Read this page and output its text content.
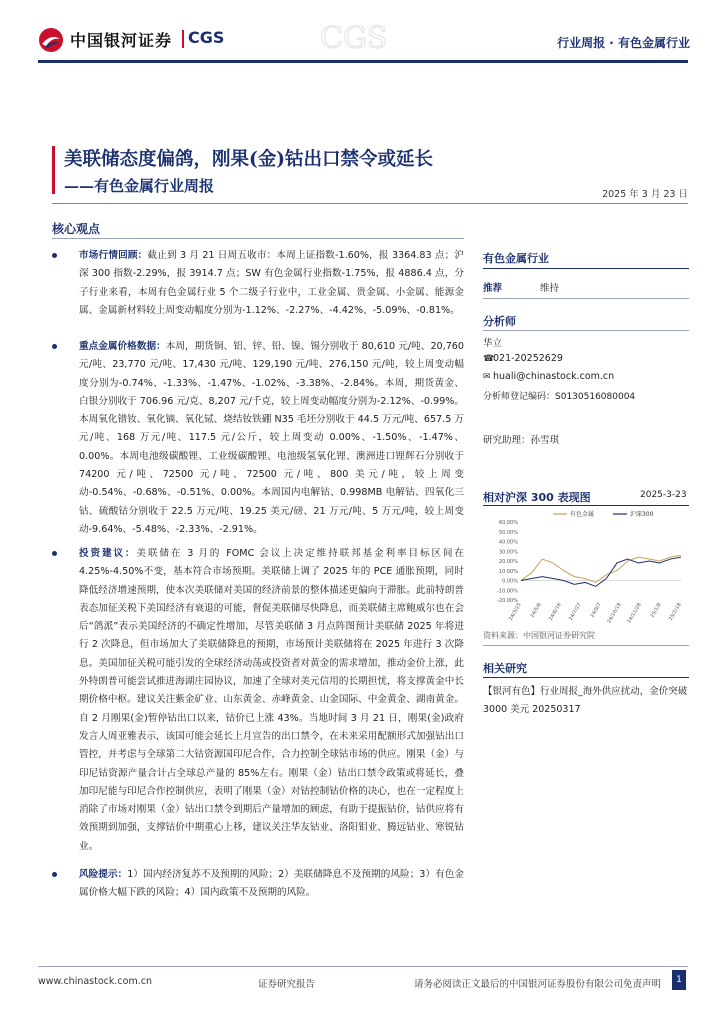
中国银河证券 CGS	CGS	行业周报 · 有色金属行业
美联储态度偏鸽，刚果(金)钴出口禁令或延长
——有色金属行业周报	2025 年 3 月 23 日
核心观点
市场行情回顾：截止到 3 月 21 日周五收市：本周上证指数-1.60%，报 3364.83 点；沪深 300 指数-2.29%，报 3914.7 点；SW 有色金属行业指数-1.75%，报 4886.4 点，分子行业来看，本周有色金属行业 5 个二级子行业中，工业金属、贵金属、小金属、能源金属、金属新材料较上周变动幅度分别为-1.12%、-2.27%、-4.42%、-5.09%、-0.81%。
重点金属价格数据：本周，期货铜、铝、锌、铅、镍、锡分别收于 80,610 元/吨、20,760 元/吨、23,770 元/吨、17,430 元/吨、129,190 元/吨、276,150 元/吨，较上周变动幅度分别为-0.74%、-1.33%、-1.47%、-1.02%、-3.38%、-2.84%。本周，期货黄金、白银分别收于 706.96 元/克、8,207 元/千克，较上周变动幅度分别为-2.12%、-0.99%。本周氧化镨钕、氧化镝、氧化铽、烧结钕铁硼 N35 毛坯分别收于 44.5 万元/吨、657.5 万元/吨、168 万元/吨、117.5 元/公斤，较上周变动 0.00%、-1.50%、-1.47%、0.00%。本周电池级碳酸锂、工业级碳酸锂、电池级氢氧化锂、澳洲进口锂辉石分别收于 74200 元/吨、72500 元/吨、72500 元/吨、800 美元/吨，较上周变动-0.54%、-0.68%、-0.51%、0.00%。本周国内电解钴、0.998MB 电解钴、四氧化三钴、硫酸钴分别收于 22.5 万元/吨、19.25 美元/磅、21 万元/吨、5 万元/吨，较上周变动-9.64%、-5.48%、-2.33%、-2.91%。
投资建议：美联储在 3 月的 FOMC 会议上决定维持联邦基金利率目标区间在 4.25%-4.50%不变，基本符合市场预期。美联储上调了 2025 年的 PCE 通胀预期，同时降低经济增速预期，使本次美联储对美国的经济前景的整体描述更偏向于滞胀。此前特朗普表态加征关税下美国经济有衰退的可能，督促美联储尽快降息，而美联储主席鲍威尔也在会后“鸽派”表示美国经济的不确定性增加，尽管美联储 3 月点阵图预计美联储 2025 年将进行 2 次降息，但市场加大了美联储降息的预期，市场预计美联储将在 2025 年进行 3 次降息。美国加征关税可能引发的全球经济动荡或投资者对黄金的需求增加，推动金价上涨，此外特朗普可能尝试推进海湖庄园协议，加速了全球对美元信用的长期担忧，将支撑黄金中长期价格中枢。建议关注紫金矿业、山东黄金、赤峰黄金、山金国际、中金黄金、湖南黄金。自 2 月刚果(金)暂停钴出口以来，钴价已上涨 43%。当地时间 3 月 21 日，刚果(金)政府发言人周亚雅表示，该国可能会延长上月宣告的出口禁令，在未来采用配额形式加强钴出口管控，并考虑与全球第二大钴资源国印尼合作，合力控制全球钴市场的供应。刚果（金）与印尼钴资源产量合计占全球总产量的 85%左右。刚果（金）钴出口禁令政策或将延长，叠加印尼能与印尼合作控制供应，表明了刚果（金）对钴控制钴价格的决心，也在一定程度上消除了市场对刚果（金）钴出口禁令到期后产量增加的顾虑，有助于提振钴价，钴供应将有效预期到加强，支撑钴价中期重心上移，建议关注华友钴业、洛阳钼业、腾远钴业、寒锐钴业。
风险提示：1）国内经济复苏不及预期的风险；2）美联储降息不及预期的风险；3）有色金属价格大幅下跌的风险；4）国内政策不及预期的风险。
有色金属行业
推荐	维持
分析师
华立
☎021-20252629
✉ huali@chinastock.com.cn
分析师登记编码：S0130516080004
研究助理：孙雪琪
相对沪深 300 表现图	2025-3-23
60.00%
50.00%
40.00%
30.00%
20.00%
10.00%
0.00%
-10.00%
-20.00%
24/3/25 24/5/6 24/6/16 24/7/27 24/9/7 24/10/18 24/11/28 25/1/8 25/2/18
有色金属	沪深300
资料来源：中国银河证券研究院
相关研究
【银河有色】行业周报_海外供应扰动，金价突破 3000 美元 20250317
www.chinastock.com.cn	证券研究报告	请务必阅读正文最后的中国银河证券股份有限公司免责声明	1
